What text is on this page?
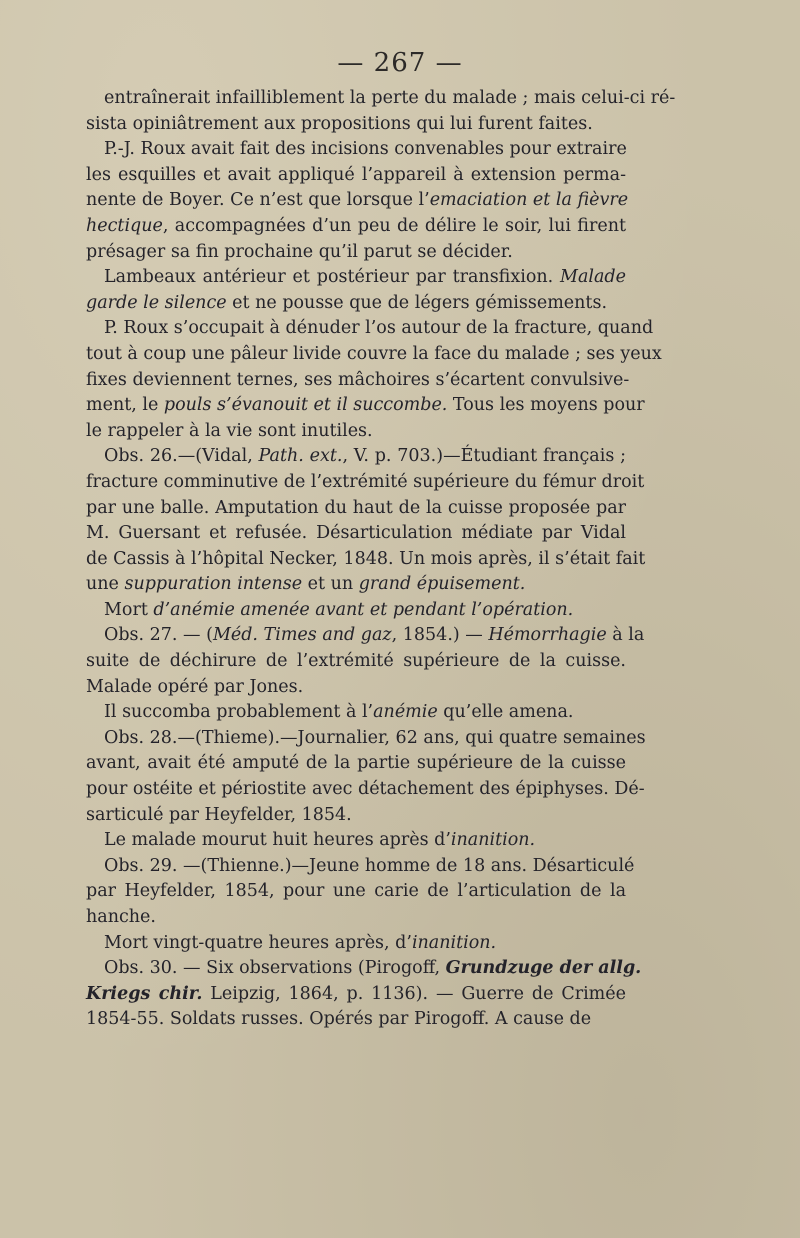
— 267 —
entraînerait infailliblement la perte du malade ; mais celui-ci ré-
sista opiniâtrement aux propositions qui lui furent faites.
P.-J. Roux avait fait des incisions convenables pour extraire
les esquilles et avait appliqué l’appareil à extension perma-
nente de Boyer. Ce n’est que lorsque l’emaciation et la fièvre
hectique, accompagnées d’un peu de délire le soir, lui firent
présager sa fin prochaine qu’il parut se décider.
Lambeaux antérieur et postérieur par transfixion. Malade
garde le silence et ne pousse que de légers gémissements.
P. Roux s’occupait à dénuder l’os autour de la fracture, quand
tout à coup une pâleur livide couvre la face du malade ; ses yeux
fixes deviennent ternes, ses mâchoires s’écartent convulsive-
ment, le pouls s’évanouit et il succombe. Tous les moyens pour
le rappeler à la vie sont inutiles.
Obs. 26.—(Vidal, Path. ext., V. p. 703.)—Étudiant français ;
fracture comminutive de l’extrémité supérieure du fémur droit
par une balle. Amputation du haut de la cuisse proposée par
M. Guersant et refusée. Désarticulation médiate par Vidal
de Cassis à l’hôpital Necker, 1848. Un mois après, il s’était fait
une suppuration intense et un grand épuisement.
Mort d’anémie amenée avant et pendant l’opération.
Obs. 27. — (Méd. Times and gaz, 1854.) — Hémorrhagie à la
suite de déchirure de l’extrémité supérieure de la cuisse.
Malade opéré par Jones.
Il succomba probablement à l’anémie qu’elle amena.
Obs. 28.—(Thieme).—Journalier, 62 ans, qui quatre semaines
avant, avait été amputé de la partie supérieure de la cuisse
pour ostéite et périostite avec détachement des épiphyses. Dé-
sarticulé par Heyfelder, 1854.
Le malade mourut huit heures après d’inanition.
Obs. 29. —(Thienne.)—Jeune homme de 18 ans. Désarticulé
par Heyfelder, 1854, pour une carie de l’articulation de la
hanche.
Mort vingt-quatre heures après, d’inanition.
Obs. 30. — Six observations (Pirogoff, Grundzuge der allg.
Kriegs chir. Leipzig, 1864, p. 1136). — Guerre de Crimée
1854-55. Soldats russes. Opérés par Pirogoff. A cause de
